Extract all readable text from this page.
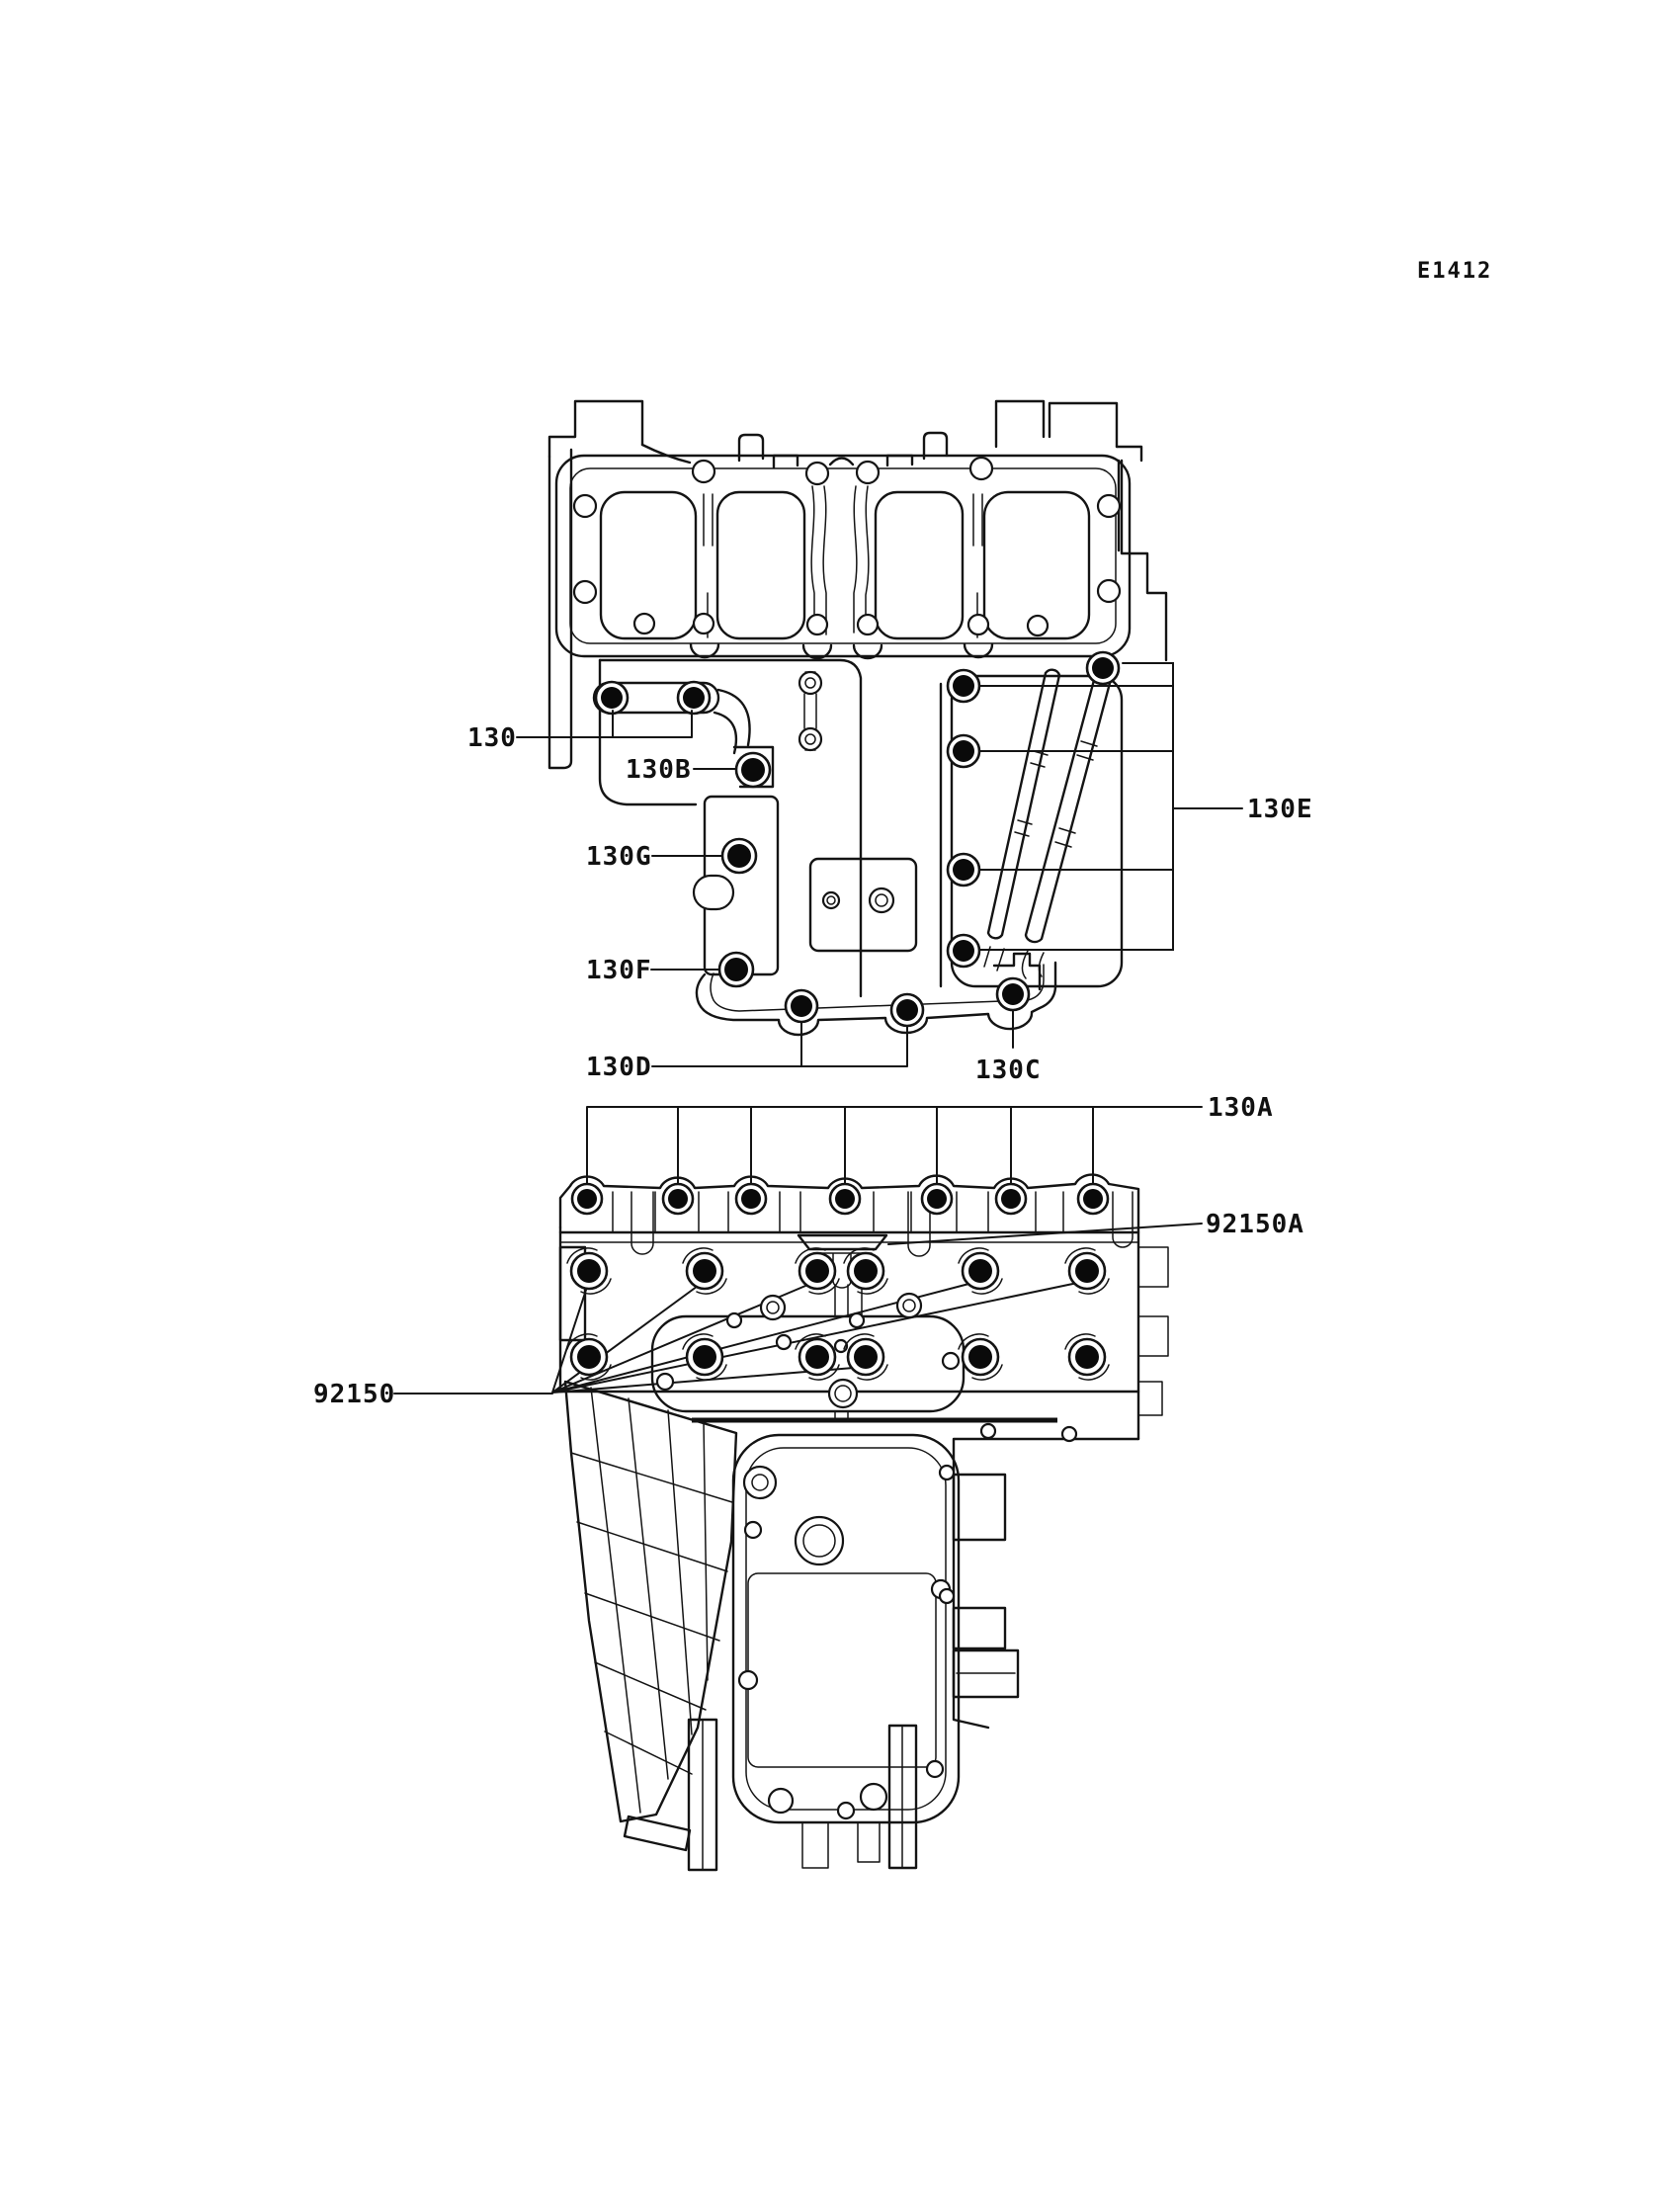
E1412
130
130B
130G
130F
130D	130C
130E
130A
92150
92150A
